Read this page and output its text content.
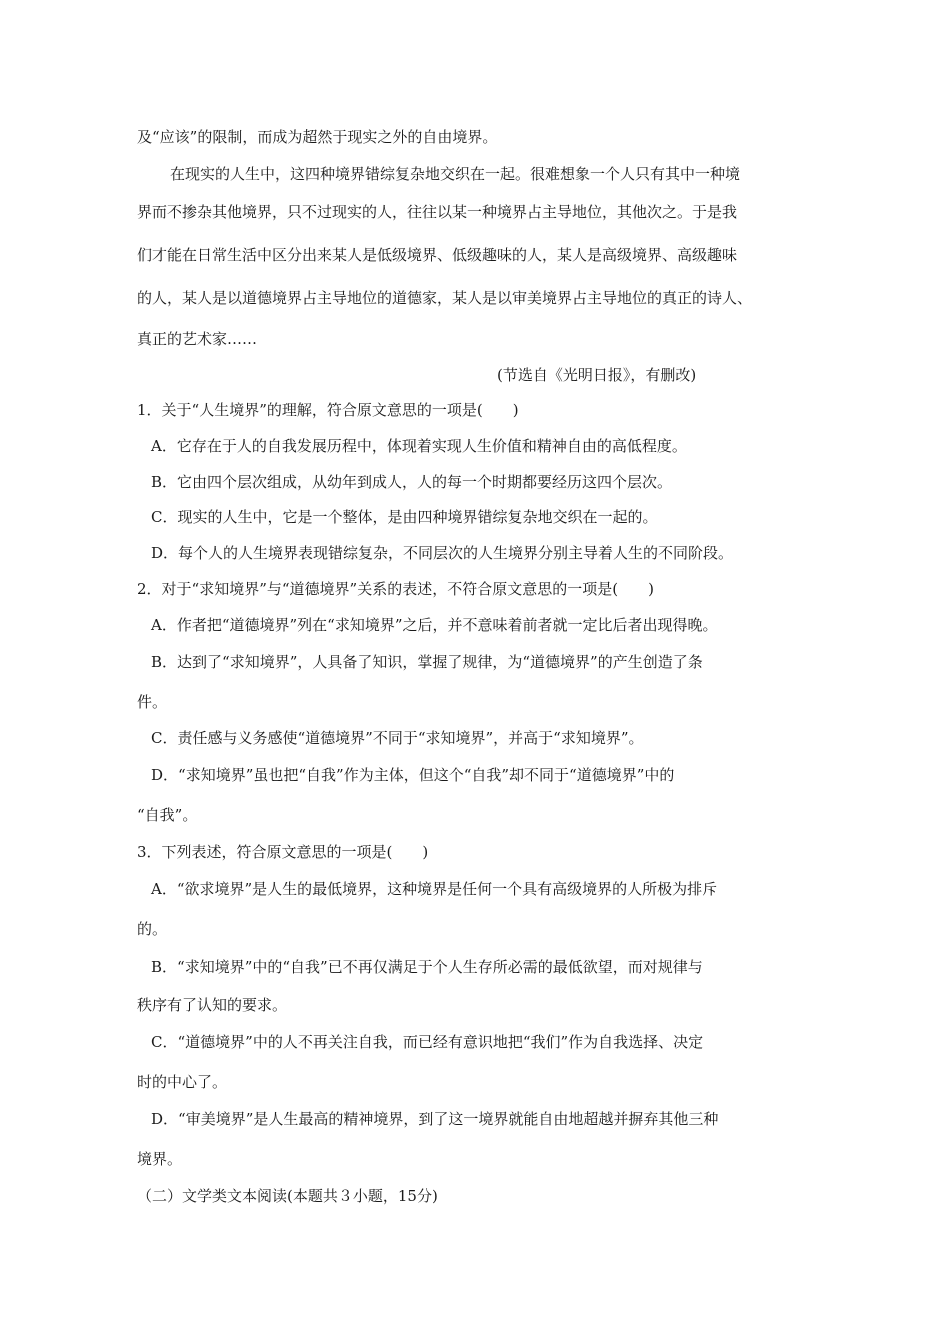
及“应该”的限制，而成为超然于现实之外的自由境界。

在现实的人生中，这四种境界错综复杂地交织在一起。很难想象一个人只有其中一种境

界而不掺杂其他境界，只不过现实的人，往往以某一种境界占主导地位，其他次之。于是我

们才能在日常生活中区分出来某人是低级境界、低级趣味的人，某人是高级境界、高级趣味

的人，某人是以道德境界占主导地位的道德家，某人是以审美境界占主导地位的真正的诗人、

真正的艺术家……

(节选自《光明日报》，有删改)

1．关于“人生境界”的理解，符合原文意思的一项是(　　)

A．它存在于人的自我发展历程中，体现着实现人生价值和精神自由的高低程度。

B．它由四个层次组成，从幼年到成人，人的每一个时期都要经历这四个层次。

C．现实的人生中，它是一个整体，是由四种境界错综复杂地交织在一起的。

D．每个人的人生境界表现错综复杂，不同层次的人生境界分别主导着人生的不同阶段。

2．对于“求知境界”与“道德境界”关系的表述，不符合原文意思的一项是(　　)

A．作者把“道德境界”列在“求知境界”之后，并不意味着前者就一定比后者出现得晚。

B．达到了“求知境界”，人具备了知识，掌握了规律，为“道德境界”的产生创造了条

件。

C．责任感与义务感使“道德境界”不同于“求知境界”，并高于“求知境界”。

D．“求知境界”虽也把“自我”作为主体，但这个“自我”却不同于“道德境界”中的

“自我”。

3．下列表述，符合原文意思的一项是(　　)

A．“欲求境界”是人生的最低境界，这种境界是任何一个具有高级境界的人所极为排斥

的。

B．“求知境界”中的“自我”已不再仅满足于个人生存所必需的最低欲望，而对规律与

秩序有了认知的要求。

C．“道德境界”中的人不再关注自我，而已经有意识地把“我们”作为自我选择、决定

时的中心了。

D．“审美境界”是人生最高的精神境界，到了这一境界就能自由地超越并摒弃其他三种

境界。

（二）文学类文本阅读(本题共３小题，15分)
